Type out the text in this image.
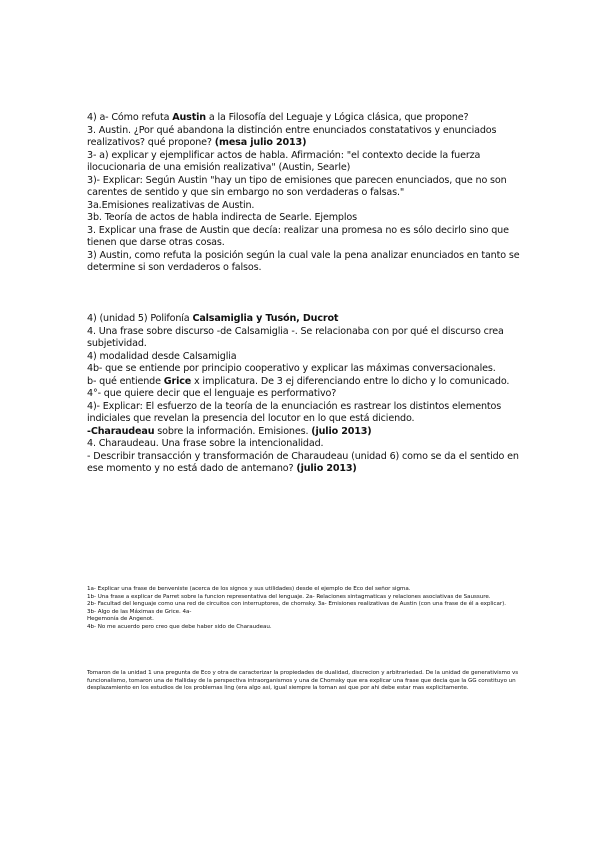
4) a- Cómo refuta Austin a la Filosofía del Leguaje y Lógica clásica, que propone?

3. Austin. ¿Por qué abandona la distinción entre enunciados constatativos y enunciados realizativos? qué propone? (mesa julio 2013)

3- a) explicar y ejemplificar actos de habla. Afirmación: "el contexto decide la fuerza ilocucionaria de una emisión realizativa" (Austin, Searle)

3)- Explicar: Según Austin "hay un tipo de emisiones que parecen enunciados, que no son carentes de sentido y que sin embargo no son verdaderas o falsas."

3a.Emisiones realizativas de Austin.

3b. Teoría de actos de habla indirecta de Searle. Ejemplos

3. Explicar una frase de Austin que decía: realizar una promesa no es sólo decirlo sino que tienen que darse otras cosas.

3) Austin, como refuta la posición según la cual vale la pena analizar enunciados en tanto se determine si son verdaderos o falsos.

4) (unidad 5) Polifonía Calsamiglia y Tusón, Ducrot

4. Una frase sobre discurso -de Calsamiglia -. Se relacionaba con por qué el discurso crea subjetividad.

4) modalidad desde Calsamiglia

4b- que se entiende por principio cooperativo y explicar las máximas conversacionales.

b- qué entiende Grice x implicatura. De 3 ej diferenciando entre lo dicho y lo comunicado.

4°- que quiere decir que el lenguaje es performativo?

4)- Explicar: El esfuerzo de la teoría de la enunciación es rastrear los distintos elementos indiciales que revelan la presencia del locutor en lo que está diciendo.

-Charaudeau sobre la información. Emisiones. (julio 2013)

4. Charaudeau. Una frase sobre la intencionalidad.

- Describir transacción y transformación de Charaudeau (unidad 6) como se da el sentido en ese momento y no está dado de antemano? (julio 2013)

1a- Explicar una frase de benveniste (acerca de los signos y sus utilidades) desde el ejemplo de Eco del señor sigma.

1b- Una frase a explicar de Parret sobre la funcion representativa del lenguaje. 2a- Relaciones sintagmaticas y relaciones asociativas de Saussure.

2b- Facultad del lenguaje como una red de circuitos con interruptores, de chomsky. 3a- Emisiones realizativas de Austin (con una frase de él a explicar).

3b- Algo de las Máximas de Grice. 4a-

Hegemonía de Angenot.

4b- No me acuerdo pero creo que debe haber sido de Charaudeau.

Tomaron de la unidad 1 una pregunta de Eco y otra de caracterizar la propiedades de dualidad, discrecion y arbitrariedad. De la unidad de generativismo vs funcionalismo, tomaron una de Halliday de la perspectiva intraorganismos y una de Chomsky que era explicar una frase que decia que la GG constituyo un desplazamiento en los estudios de los problemas ling (era algo asi, igual siempre la toman asi que por ahi debe estar mas explicitamente.
